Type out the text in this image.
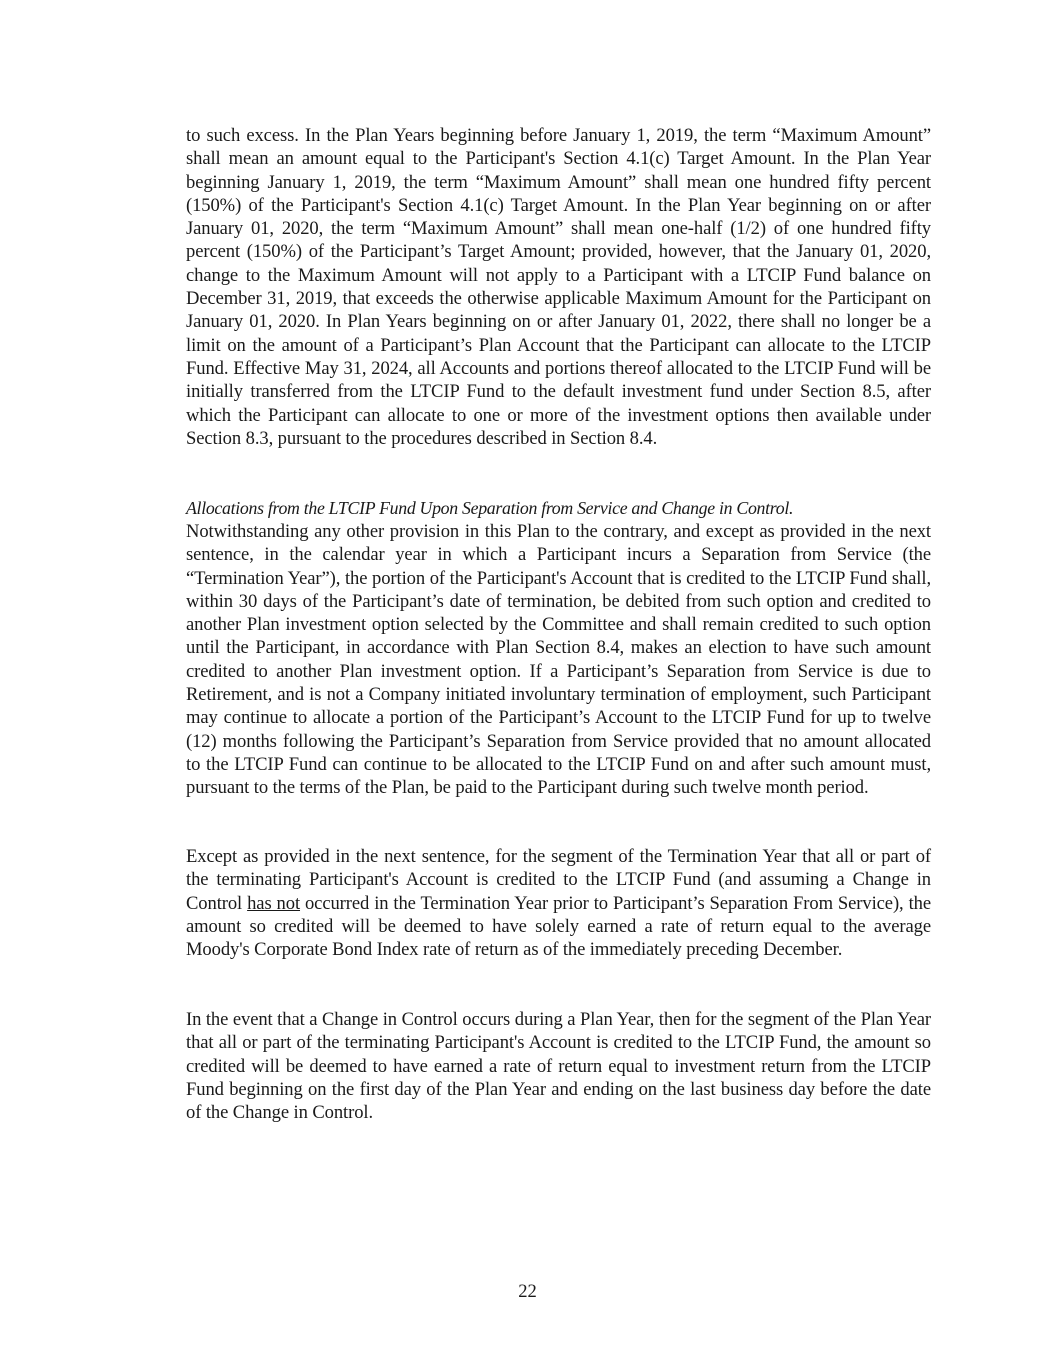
to such excess. In the Plan Years beginning before January 1, 2019, the term “Maximum Amount” shall mean an amount equal to the Participant's Section 4.1(c) Target Amount. In the Plan Year beginning January 1, 2019, the term “Maximum Amount” shall mean one hundred fifty percent (150%) of the Participant's Section 4.1(c) Target Amount. In the Plan Year beginning on or after January 01, 2020, the term “Maximum Amount” shall mean one-half (1/2) of one hundred fifty percent (150%) of the Participant’s Target Amount; provided, however, that the January 01, 2020, change to the Maximum Amount will not apply to a Participant with a LTCIP Fund balance on December 31, 2019, that exceeds the otherwise applicable Maximum Amount for the Participant on January 01, 2020. In Plan Years beginning on or after January 01, 2022, there shall no longer be a limit on the amount of a Participant’s Plan Account that the Participant can allocate to the LTCIP Fund. Effective May 31, 2024, all Accounts and portions thereof allocated to the LTCIP Fund will be initially transferred from the LTCIP Fund to the default investment fund under Section 8.5, after which the Participant can allocate to one or more of the investment options then available under Section 8.3, pursuant to the procedures described in Section 8.4.

Allocations from the LTCIP Fund Upon Separation from Service and Change in Control.

Notwithstanding any other provision in this Plan to the contrary, and except as provided in the next sentence, in the calendar year in which a Participant incurs a Separation from Service (the “Termination Year”), the portion of the Participant's Account that is credited to the LTCIP Fund shall, within 30 days of the Participant’s date of termination, be debited from such option and credited to another Plan investment option selected by the Committee and shall remain credited to such option until the Participant, in accordance with Plan Section 8.4, makes an election to have such amount credited to another Plan investment option. If a Participant’s Separation from Service is due to Retirement, and is not a Company initiated involuntary termination of employment, such Participant may continue to allocate a portion of the Participant’s Account to the LTCIP Fund for up to twelve (12) months following the Participant’s Separation from Service provided that no amount allocated to the LTCIP Fund can continue to be allocated to the LTCIP Fund on and after such amount must, pursuant to the terms of the Plan, be paid to the Participant during such twelve month period.

Except as provided in the next sentence, for the segment of the Termination Year that all or part of the terminating Participant's Account is credited to the LTCIP Fund (and assuming a Change in Control has not occurred in the Termination Year prior to Participant’s Separation From Service), the amount so credited will be deemed to have solely earned a rate of return equal to the average Moody's Corporate Bond Index rate of return as of the immediately preceding December.

In the event that a Change in Control occurs during a Plan Year, then for the segment of the Plan Year that all or part of the terminating Participant's Account is credited to the LTCIP Fund, the amount so credited will be deemed to have earned a rate of return equal to investment return from the LTCIP Fund beginning on the first day of the Plan Year and ending on the last business day before the date of the Change in Control.

22
